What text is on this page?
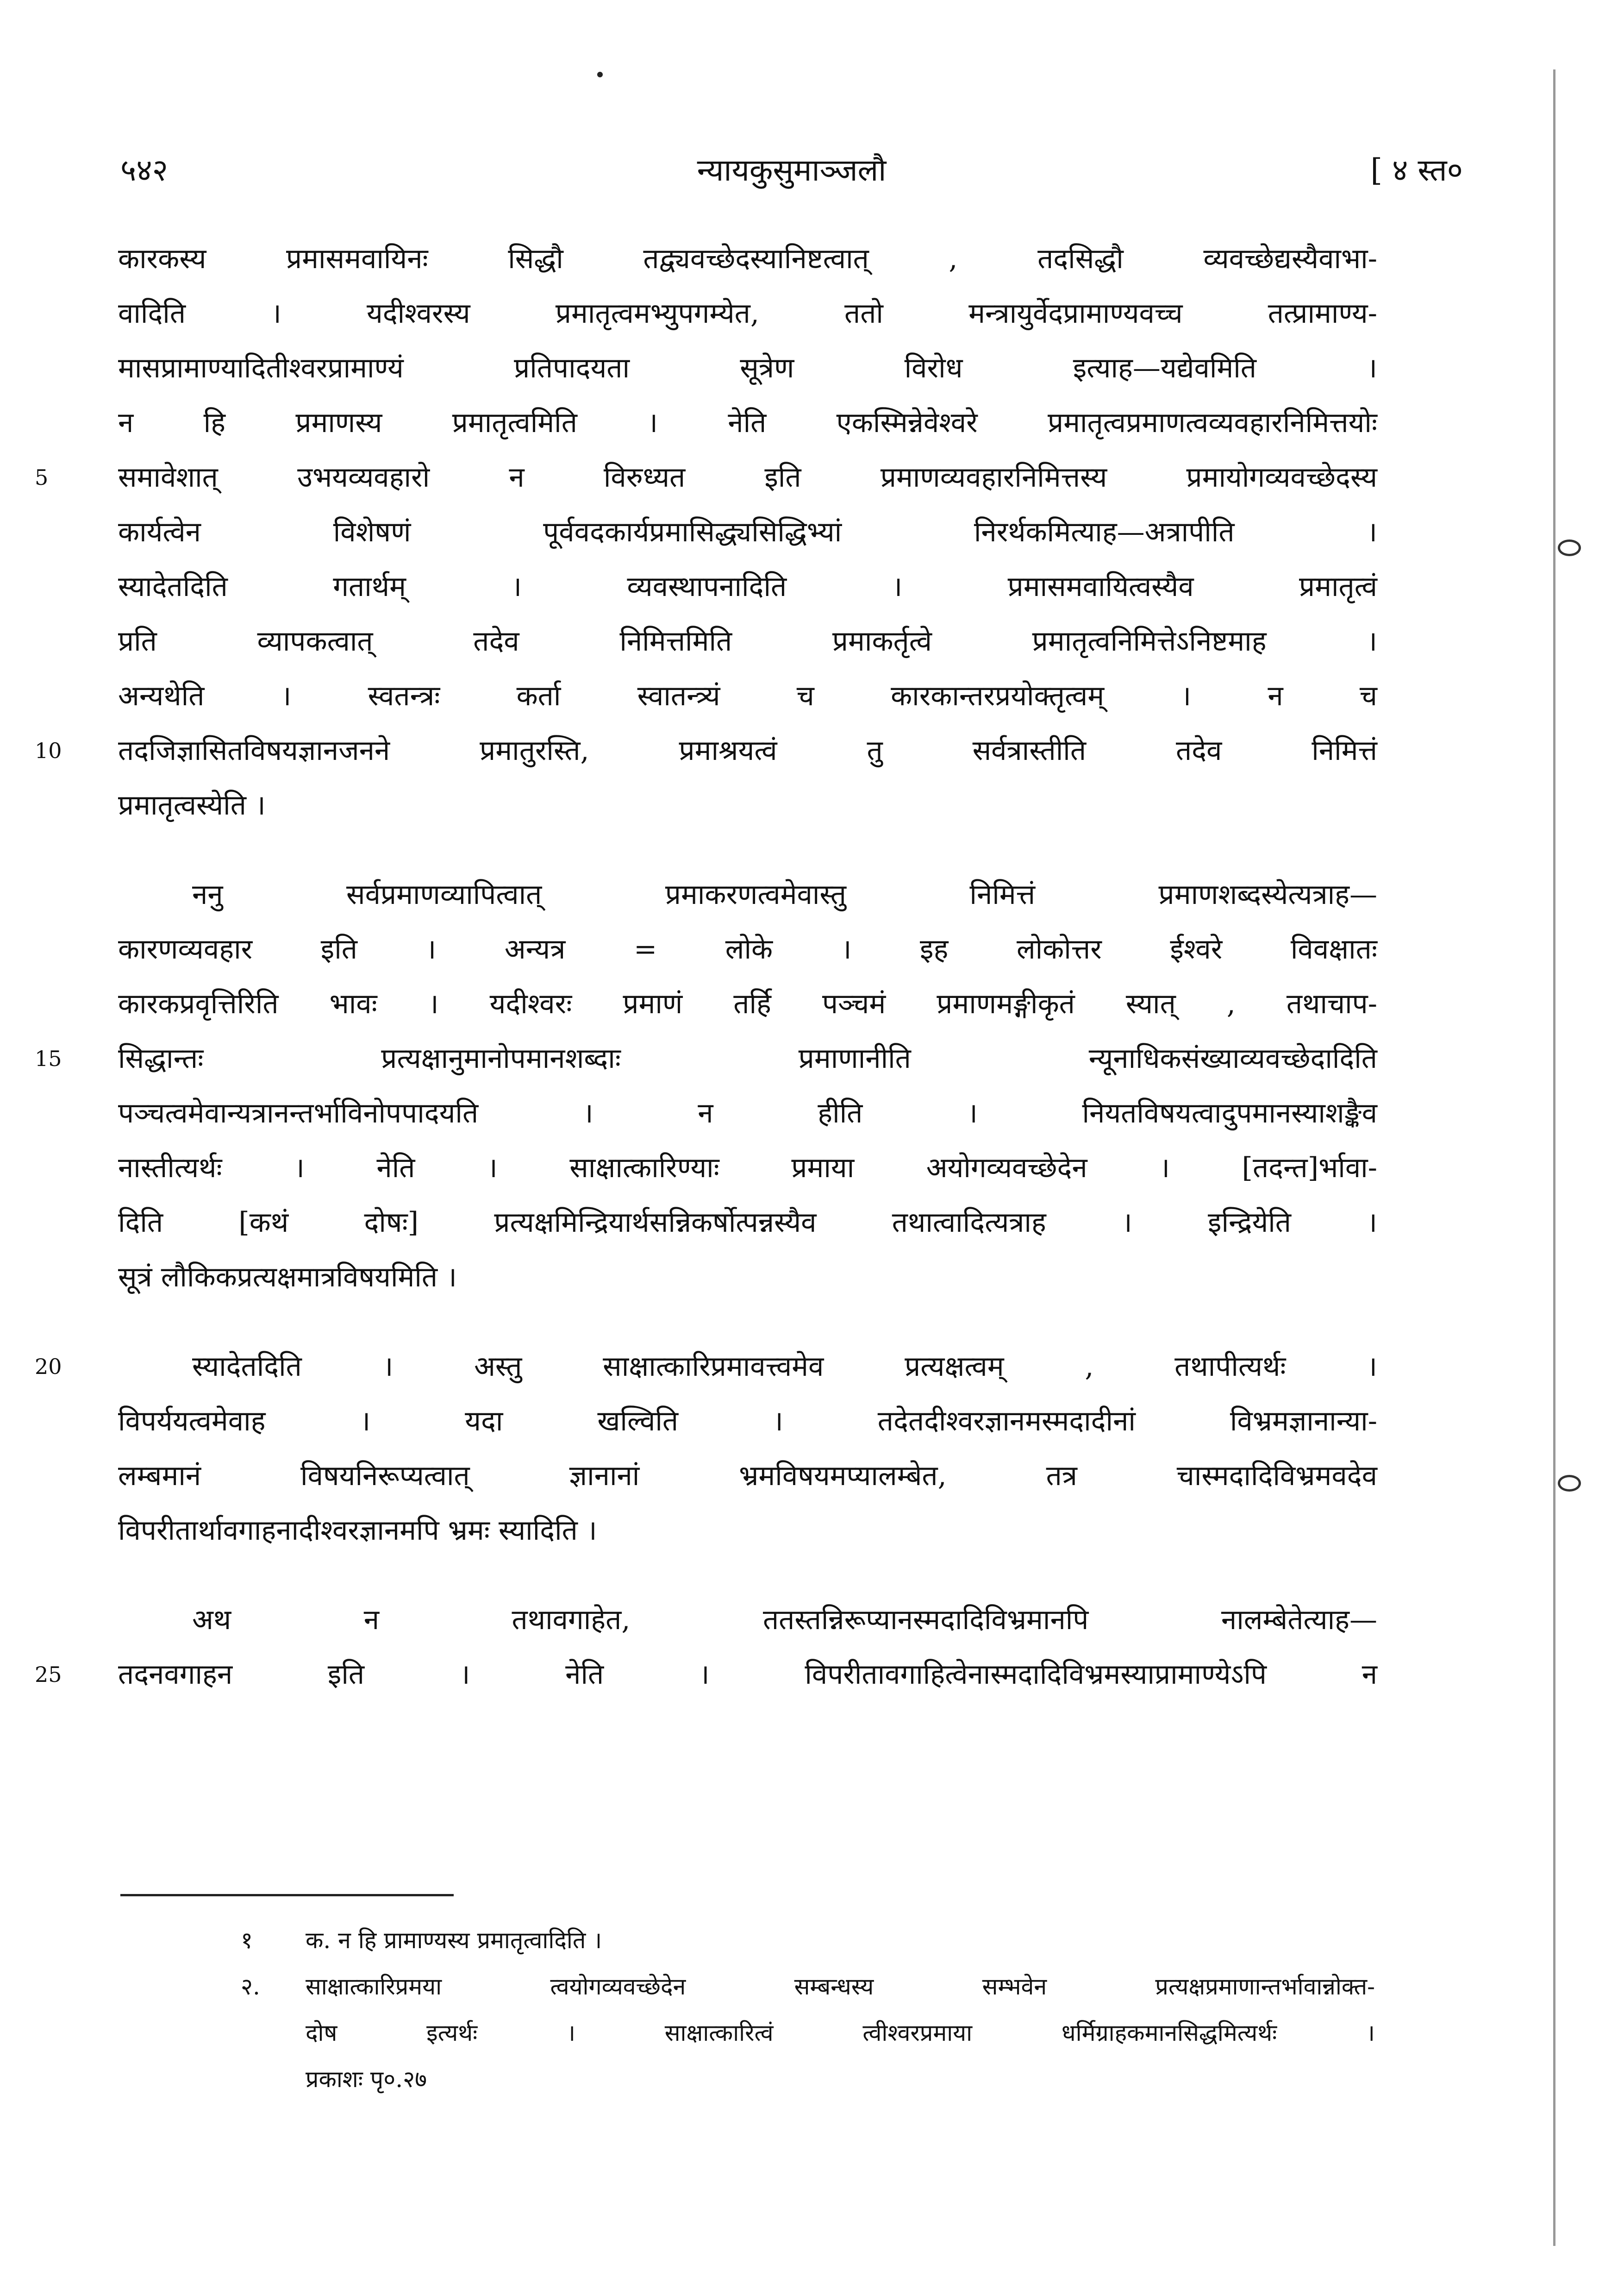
५४२	न्यायकुसुमाञ्जलौ	[ ४ स्त०
कारकस्य प्रमासमवायिनः सिद्धौ तद्व्यवच्छेदस्यानिष्टत्वात् , तदसिद्धौ व्यवच्छेद्यस्यैवाभा-
वादिति । यदीश्वरस्य प्रमातृत्वमभ्युपगम्येत, ततो मन्त्रायुर्वेदप्रामाण्यवच्च तत्प्रामाण्य-
मासप्रामाण्यादितीश्वरप्रामाण्यं प्रतिपादयता सूत्रेण विरोध इत्याह—यद्येवमिति ।
न हि प्रमाणस्य प्रमातृत्वमिति । नेति एकस्मिन्नेवेश्वरे प्रमातृत्वप्रमाणत्वव्यवहारनिमित्तयोः
5	समावेशात् उभयव्यवहारो न विरुध्यत इति प्रमाणव्यवहारनिमित्तस्य प्रमायोगव्यवच्छेदस्य
कार्यत्वेन विशेषणं पूर्ववदकार्यप्रमासिद्ध्यसिद्धिभ्यां निरर्थकमित्याह—अत्रापीति ।
स्यादेतदिति गतार्थम् । व्यवस्थापनादिति । प्रमासमवायित्वस्यैव प्रमातृत्वं
प्रति व्यापकत्वात् तदेव निमित्तमिति प्रमाकर्तृत्वे प्रमातृत्वनिमित्तेऽनिष्टमाह ।
अन्यथेति । स्वतन्त्रः कर्ता स्वातन्त्र्यं च कारकान्तरप्रयोक्तृत्वम् । न च
10	तदजिज्ञासितविषयज्ञानजनने प्रमातुरस्ति, प्रमाश्रयत्वं तु सर्वत्रास्तीति तदेव निमित्तं
प्रमातृत्वस्येति ।
ननु सर्वप्रमाणव्यापित्वात् प्रमाकरणत्वमेवास्तु निमित्तं प्रमाणशब्दस्येत्यत्राह—
कारणव्यवहार इति । अन्यत्र = लोके । इह लोकोत्तर ईश्वरे विवक्षातः
कारकप्रवृत्तिरिति भावः । यदीश्वरः प्रमाणं तर्हि पञ्चमं प्रमाणमङ्गीकृतं स्यात् , तथाचाप-
15	सिद्धान्तः प्रत्यक्षानुमानोपमानशब्दाः प्रमाणानीति न्यूनाधिकसंख्याव्यवच्छेदादिति
पञ्चत्वमेवान्यत्रानन्तर्भाविनोपपादयति । न हीति । नियतविषयत्वादुपमानस्याशङ्कैव
नास्तीत्यर्थः । नेति । साक्षात्कारिण्याः प्रमाया अयोगव्यवच्छेदेन । [तदन्त]र्भावा-
दिति [कथं दोषः] प्रत्यक्षमिन्द्रियार्थसन्निकर्षोत्पन्नस्यैव तथात्वादित्यत्राह । इन्द्रियेति ।
सूत्रं लौकिकप्रत्यक्षमात्रविषयमिति ।
20	स्यादेतदिति । अस्तु साक्षात्कारिप्रमावत्त्वमेव प्रत्यक्षत्वम् , तथापीत्यर्थः ।
विपर्ययत्वमेवाह । यदा खल्विति । तदेतदीश्वरज्ञानमस्मदादीनां विभ्रमज्ञानान्या-
लम्बमानं विषयनिरूप्यत्वात् ज्ञानानां भ्रमविषयमप्यालम्बेत, तत्र चास्मदादिविभ्रमवदेव
विपरीतार्थावगाहनादीश्वरज्ञानमपि भ्रमः स्यादिति ।
अथ न तथावगाहेत, ततस्तन्निरूप्यानस्मदादिविभ्रमानपि नालम्बेतेत्याह—
25	तदनवगाहन इति । नेति । विपरीतावगाहित्वेनास्मदादिविभ्रमस्याप्रामाण्येऽपि न
१ क. न हि प्रामाण्यस्य प्रमातृत्वादिति ।
२. साक्षात्कारिप्रमया त्वयोगव्यवच्छेदेन सम्बन्धस्य सम्भवेन प्रत्यक्षप्रमाणान्तर्भावान्नोक्त-
दोष इत्यर्थः । साक्षात्कारित्वं त्वीश्वरप्रमाया धर्मिग्राहकमानसिद्धमित्यर्थः ।
प्रकाशः पृ०.२७
